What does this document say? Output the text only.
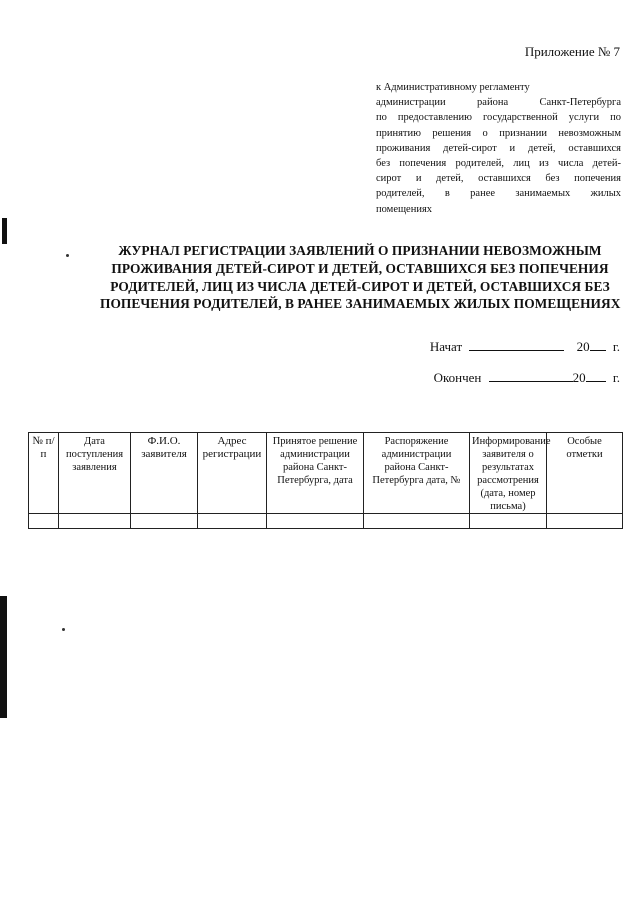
Приложение № 7
к Административному регламенту
администрации района Санкт-Петербурга
по предоставлению государственной услуги по
принятию решения о признании невозможным
проживания детей-сирот и детей, оставшихся
без попечения родителей, лиц из числа детей-
сирот и детей, оставшихся без попечения
родителей, в ранее занимаемых жилых
помещениях
ЖУРНАЛ РЕГИСТРАЦИИ ЗАЯВЛЕНИЙ О ПРИЗНАНИИ НЕВОЗМОЖНЫМ
ПРОЖИВАНИЯ ДЕТЕЙ-СИРОТ И ДЕТЕЙ, ОСТАВШИХСЯ БЕЗ ПОПЕЧЕНИЯ
РОДИТЕЛЕЙ, ЛИЦ ИЗ ЧИСЛА ДЕТЕЙ-СИРОТ И ДЕТЕЙ, ОСТАВШИХСЯ БЕЗ
ПОПЕЧЕНИЯ РОДИТЕЛЕЙ, В РАНЕЕ ЗАНИМАЕМЫХ ЖИЛЫХ ПОМЕЩЕНИЯХ
Начат	20 г.
Окончен	20 г.
№ п/п	Дата поступления заявления	Ф.И.О. заявителя	Адрес регистрации	Принятое решение администрации района Санкт-Петербурга, дата	Распоряжение администрации района Санкт-Петербурга дата, №	Информирование заявителя о результатах рассмотрения (дата, номер письма)	Особые отметки
